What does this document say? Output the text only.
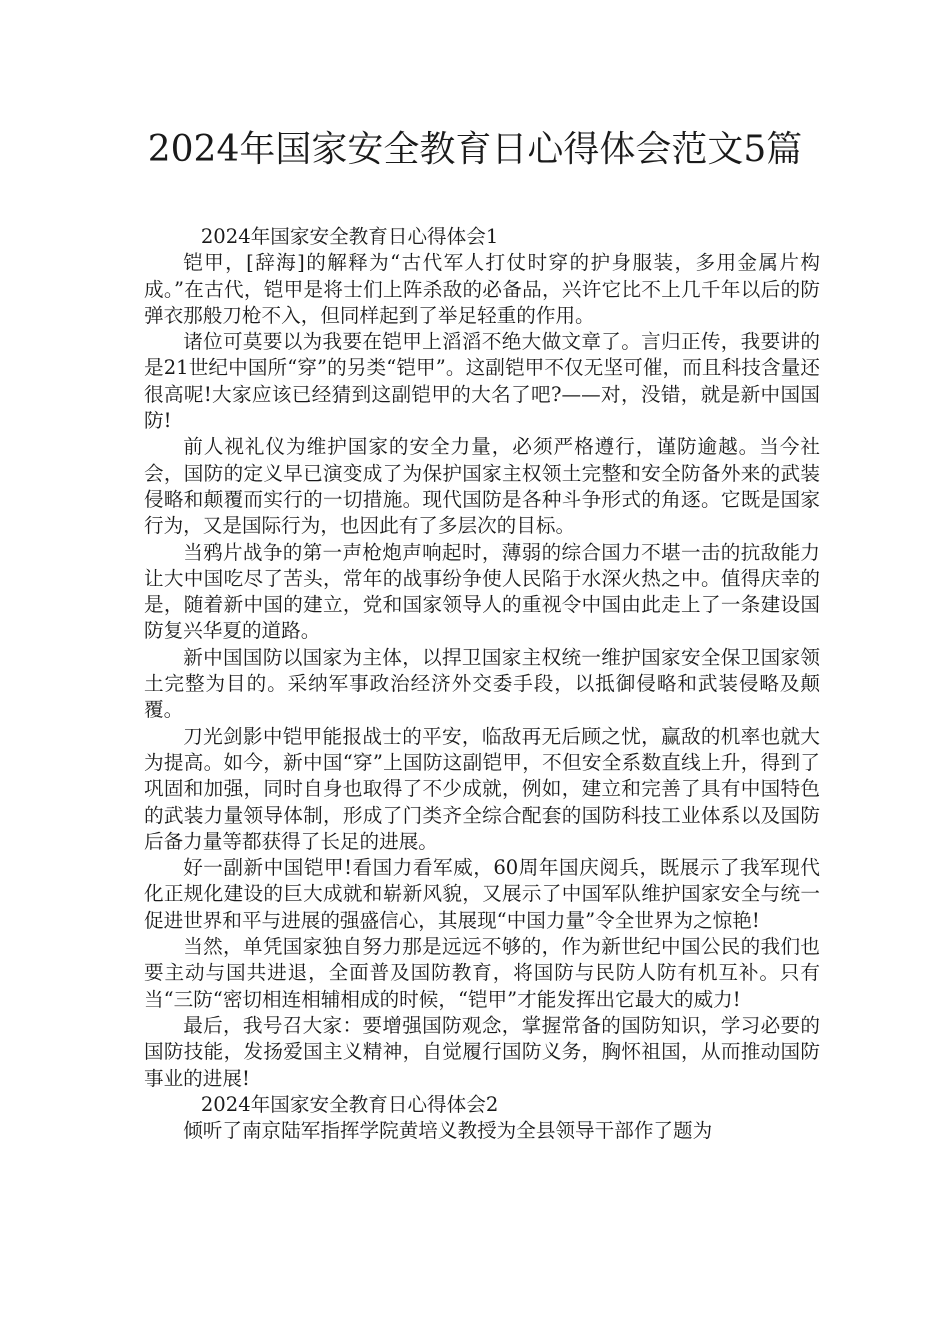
2024年国家安全教育日心得体会范文5篇

2024年国家安全教育日心得体会1

铠甲，[辞海]的解释为“古代军人打仗时穿的护身服装，多用金属片构成。”在古代，铠甲是将士们上阵杀敌的必备品，兴许它比不上几千年以后的防弹衣那般刀枪不入，但同样起到了举足轻重的作用。

诸位可莫要以为我要在铠甲上滔滔不绝大做文章了。言归正传，我要讲的是21世纪中国所“穿”的另类“铠甲”。这副铠甲不仅无坚可催，而且科技含量还很高呢!大家应该已经猜到这副铠甲的大名了吧?——对，没错，就是新中国国防!

前人视礼仪为维护国家的安全力量，必须严格遵行，谨防逾越。当今社会，国防的定义早已演变成了为保护国家主权领土完整和安全防备外来的武装侵略和颠覆而实行的一切措施。现代国防是各种斗争形式的角逐。它既是国家行为，又是国际行为，也因此有了多层次的目标。

当鸦片战争的第一声枪炮声响起时，薄弱的综合国力不堪一击的抗敌能力让大中国吃尽了苦头，常年的战事纷争使人民陷于水深火热之中。值得庆幸的是，随着新中国的建立，党和国家领导人的重视令中国由此走上了一条建设国防复兴华夏的道路。

新中国国防以国家为主体，以捍卫国家主权统一维护国家安全保卫国家领土完整为目的。采纳军事政治经济外交委手段，以抵御侵略和武装侵略及颠覆。

刀光剑影中铠甲能报战士的平安，临敌再无后顾之忧，赢敌的机率也就大为提高。如今，新中国“穿”上国防这副铠甲，不但安全系数直线上升，得到了巩固和加强，同时自身也取得了不少成就，例如，建立和完善了具有中国特色的武装力量领导体制，形成了门类齐全综合配套的国防科技工业体系以及国防后备力量等都获得了长足的进展。

好一副新中国铠甲!看国力看军威，60周年国庆阅兵，既展示了我军现代化正规化建设的巨大成就和崭新风貌，又展示了中国军队维护国家安全与统一促进世界和平与进展的强盛信心，其展现“中国力量”令全世界为之惊艳!

当然，单凭国家独自努力那是远远不够的，作为新世纪中国公民的我们也要主动与国共进退，全面普及国防教育，将国防与民防人防有机互补。只有当“三防“密切相连相辅相成的时候，“铠甲”才能发挥出它最大的威力!

最后，我号召大家：要增强国防观念，掌握常备的国防知识，学习必要的国防技能，发扬爱国主义精神，自觉履行国防义务，胸怀祖国，从而推动国防事业的进展!

2024年国家安全教育日心得体会2

倾听了南京陆军指挥学院黄培义教授为全县领导干部作了题为
